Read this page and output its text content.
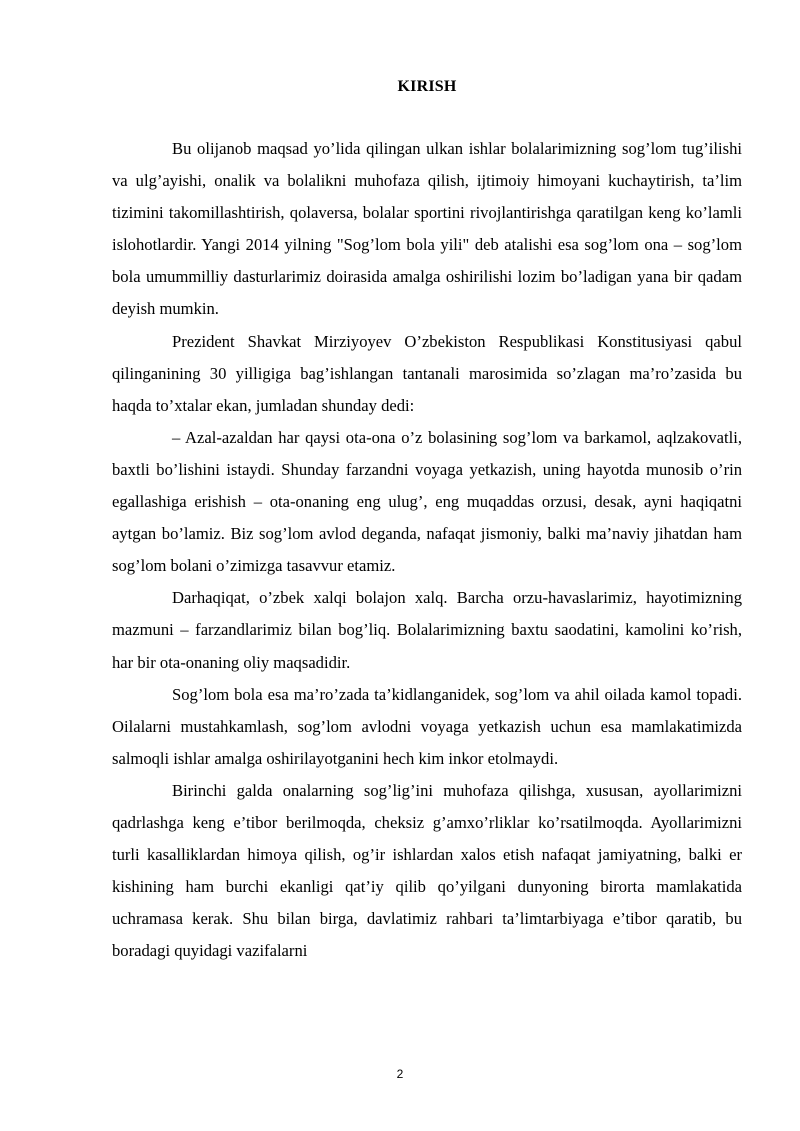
KIRISH

Bu olijanob maqsad yo’lida qilingan ulkan ishlar bolalarimizning sog’lom tug’ilishi va ulg’ayishi, onalik va bolalikni muhofaza qilish, ijtimoiy himoyani kuchaytirish, ta’lim tizimini takomillashtirish, qolaversa, bolalar sportini rivojlantirishga qaratilgan keng ko’lamli islohotlardir. Yangi 2014 yilning "Sog’lom bola yili" deb atalishi esa sog’lom ona – sog’lom bola umummilliy dasturlarimiz doirasida amalga oshirilishi lozim bo’ladigan yana bir qadam deyish mumkin.

Prezident Shavkat Mirziyoyev O’zbekiston Respublikasi Konstitusiyasi qabul qilinganining 30 yilligiga bag’ishlangan tantanali marosimida so’zlagan ma’ro’zasida bu haqda to’xtalar ekan, jumladan shunday dedi:

– Azal-azaldan har qaysi ota-ona o’z bolasining sog’lom va barkamol, aqlzakovatli, baxtli bo’lishini istaydi. Shunday farzandni voyaga yetkazish, uning hayotda munosib o’rin egallashiga erishish – ota-onaning eng ulug’, eng muqaddas orzusi, desak, ayni haqiqatni aytgan bo’lamiz. Biz sog’lom avlod deganda, nafaqat jismoniy, balki ma’naviy jihatdan ham sog’lom bolani o’zimizga tasavvur etamiz.

Darhaqiqat, o’zbek xalqi bolajon xalq. Barcha orzu-havaslarimiz, hayotimizning mazmuni – farzandlarimiz bilan bog’liq. Bolalarimizning baxtu saodatini, kamolini ko’rish, har bir ota-onaning oliy maqsadidir.

Sog’lom bola esa ma’ro’zada ta’kidlanganidek, sog’lom va ahil oilada kamol topadi. Oilalarni mustahkamlash, sog’lom avlodni voyaga yetkazish uchun esa mamlakatimizda salmoqli ishlar amalga oshirilayotganini hech kim inkor etolmaydi.

Birinchi galda onalarning sog’lig’ini muhofaza qilishga, xususan, ayollarimizni qadrlashga keng e’tibor berilmoqda, cheksiz g’amxo’rliklar ko’rsatilmoqda. Ayollarimizni turli kasalliklardan himoya qilish, og’ir ishlardan xalos etish nafaqat jamiyatning, balki er kishining ham burchi ekanligi qat’iy qilib qo’yilgani dunyoning birorta mamlakatida uchramasa kerak. Shu bilan birga, davlatimiz rahbari ta’limtarbiyaga e’tibor qaratib, bu boradagi quyidagi vazifalarni

2
